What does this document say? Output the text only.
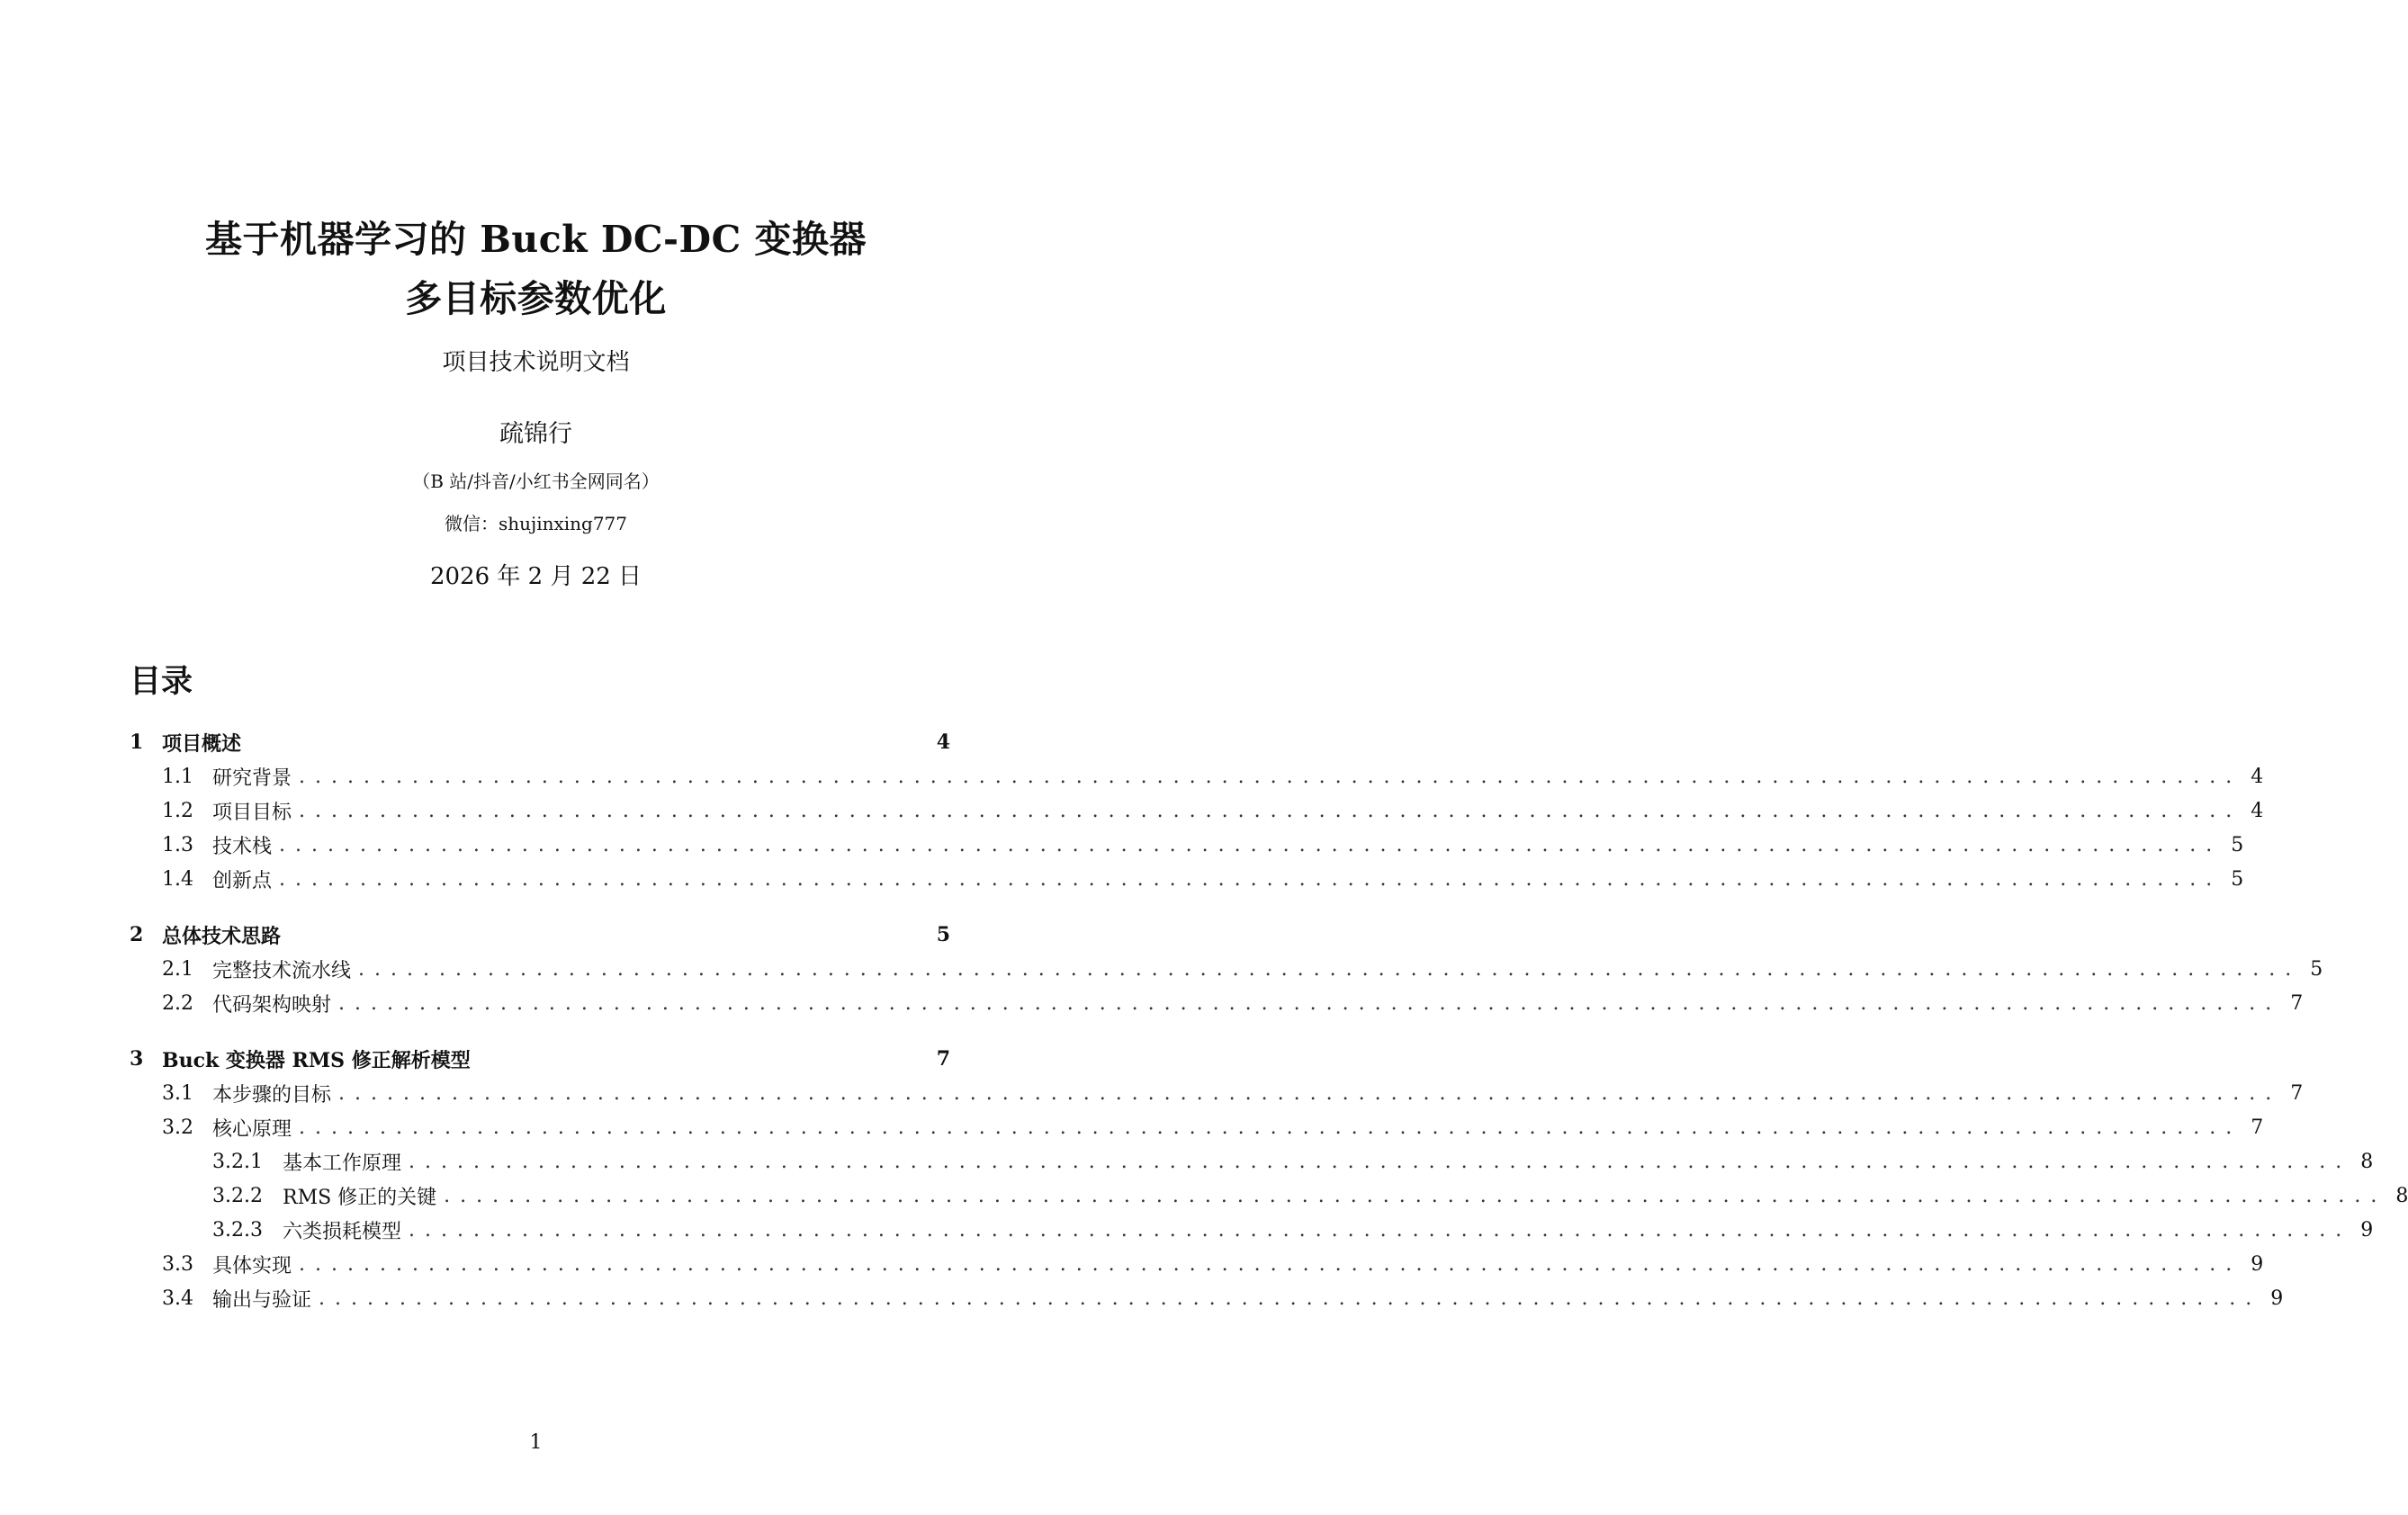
基于机器学习的 Buck DC-DC 变换器
多目标参数优化
项目技术说明文档
疏锦行
（B 站/抖音/小红书全网同名）
微信：shujinxing777
2026 年 2 月 22 日
目录
1 项目概述	4
1.1 研究背景 ........................................................................................................................ 4
1.2 项目目标 ........................................................................................................................ 4
1.3 技术栈 ........................................................................................................................ 5
1.4 创新点 ........................................................................................................................ 5
2 总体技术思路	5
2.1 完整技术流水线 ........................................................................................................................ 5
2.2 代码架构映射 ........................................................................................................................ 7
3 Buck 变换器 RMS 修正解析模型	7
3.1 本步骤的目标 ........................................................................................................................ 7
3.2 核心原理 ........................................................................................................................ 7
3.2.1	基本工作原理 ........................................................................................................................ 8
3.2.2	RMS 修正的关键 ........................................................................................................................ 8
3.2.3	六类损耗模型 ........................................................................................................................ 9
3.3 具体实现 ........................................................................................................................ 9
3.4 输出与验证 ........................................................................................................................ 9
1
